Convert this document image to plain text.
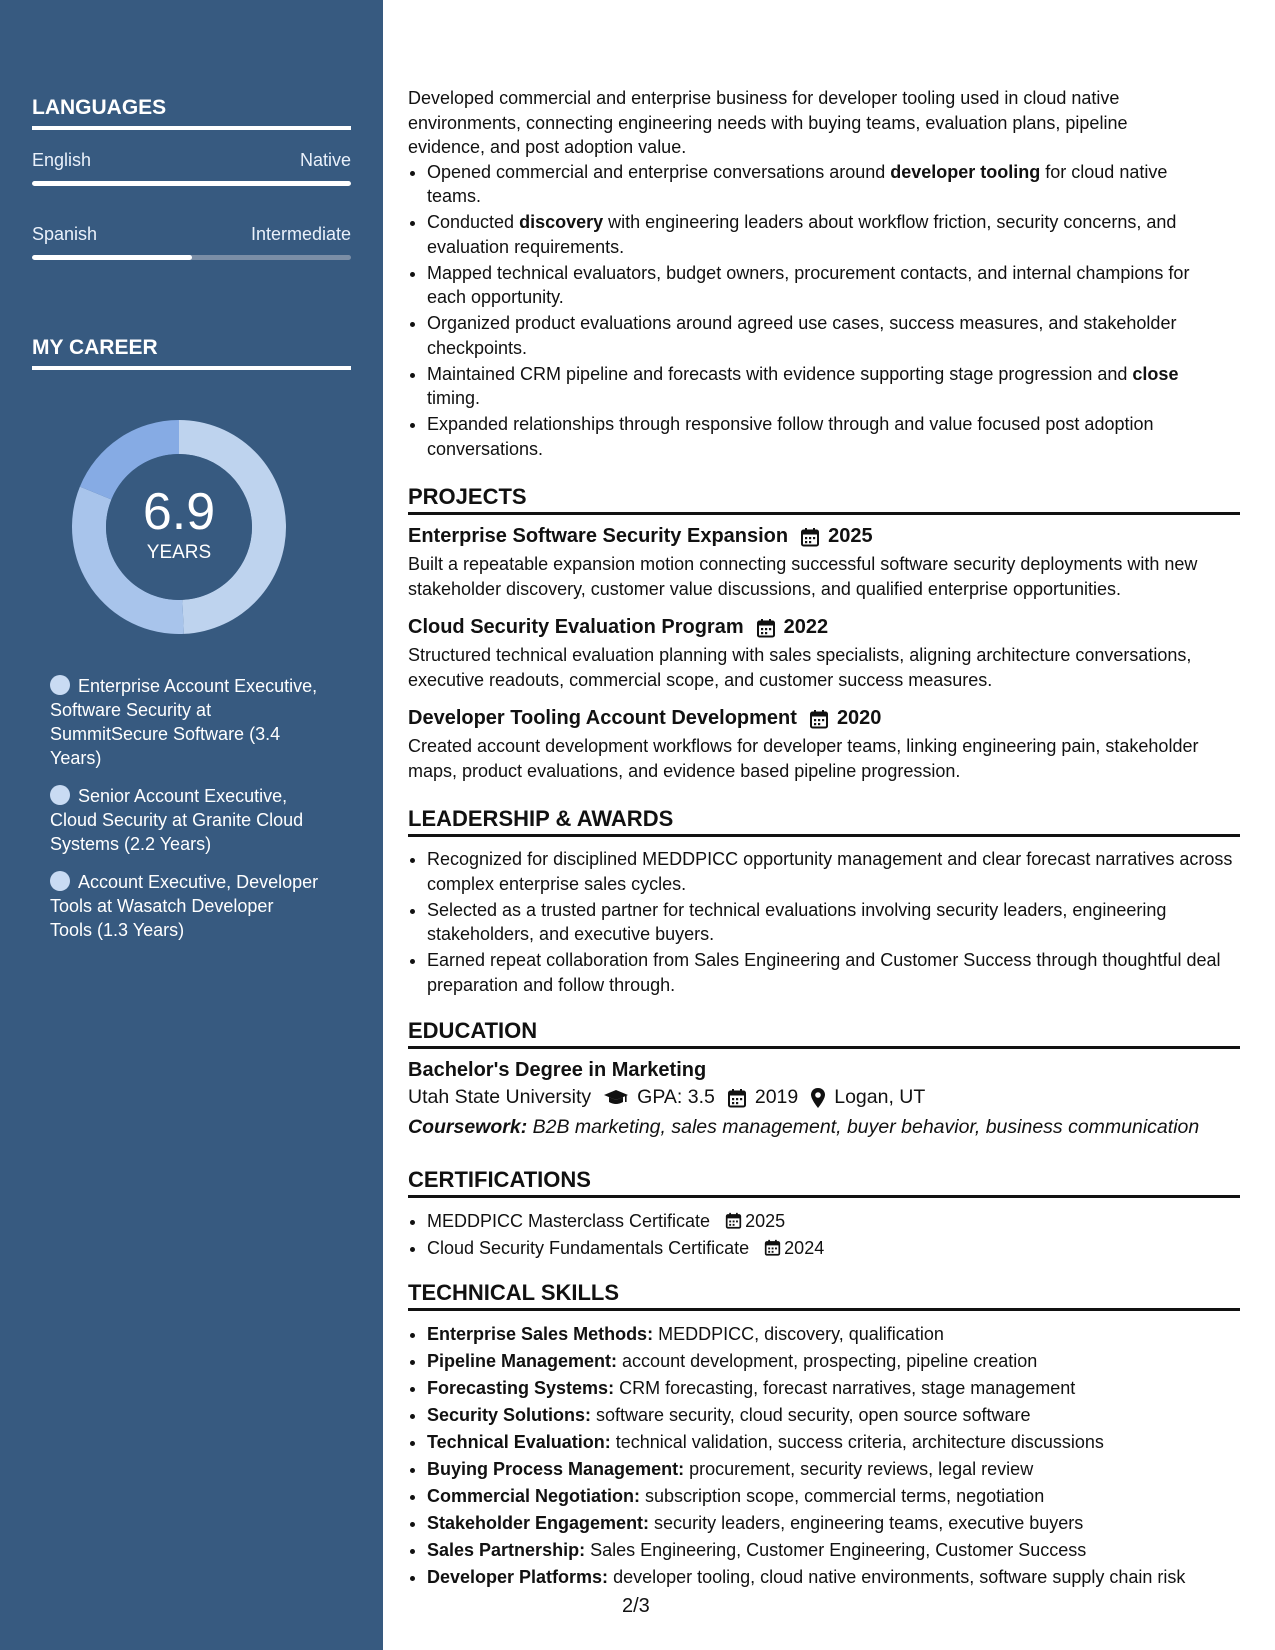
LANGUAGES
English	Native
Spanish	Intermediate
MY CAREER
6.9
YEARS
Enterprise Account Executive, Software Security at SummitSecure Software (3.4 Years)
Senior Account Executive, Cloud Security at Granite Cloud Systems (2.2 Years)
Account Executive, Developer Tools at Wasatch Developer Tools (1.3 Years)

Developed commercial and enterprise business for developer tooling used in cloud native environments, connecting engineering needs with buying teams, evaluation plans, pipeline evidence, and post adoption value.

• Opened commercial and enterprise conversations around developer tooling for cloud native teams.
• Conducted discovery with engineering leaders about workflow friction, security concerns, and evaluation requirements.
• Mapped technical evaluators, budget owners, procurement contacts, and internal champions for each opportunity.
• Organized product evaluations around agreed use cases, success measures, and stakeholder checkpoints.
• Maintained CRM pipeline and forecasts with evidence supporting stage progression and close timing.
• Expanded relationships through responsive follow through and value focused post adoption conversations.
PROJECTS
Enterprise Software Security Expansion 2025

Built a repeatable expansion motion connecting successful software security deployments with new stakeholder discovery, customer value discussions, and qualified enterprise opportunities.

Cloud Security Evaluation Program 2022

Structured technical evaluation planning with sales specialists, aligning architecture conversations, executive readouts, commercial scope, and customer success measures.

Developer Tooling Account Development 2020

Created account development workflows for developer teams, linking engineering pain, stakeholder maps, product evaluations, and evidence based pipeline progression.

LEADERSHIP & AWARDS
• Recognized for disciplined MEDDPICC opportunity management and clear forecast narratives across complex enterprise sales cycles.
• Selected as a trusted partner for technical evaluations involving security leaders, engineering stakeholders, and executive buyers.
• Earned repeat collaboration from Sales Engineering and Customer Success through thoughtful deal preparation and follow through.
EDUCATION
Bachelor's Degree in Marketing
Utah State University GPA: 3.5 2019 Logan, UT
Coursework: B2B marketing, sales management, buyer behavior, business communication
CERTIFICATIONS
• MEDDPICC Masterclass Certificate 2025
• Cloud Security Fundamentals Certificate 2024
TECHNICAL SKILLS
• Enterprise Sales Methods: MEDDPICC, discovery, qualification
• Pipeline Management: account development, prospecting, pipeline creation
• Forecasting Systems: CRM forecasting, forecast narratives, stage management
• Security Solutions: software security, cloud security, open source software
• Technical Evaluation: technical validation, success criteria, architecture discussions
• Buying Process Management: procurement, security reviews, legal review
• Commercial Negotiation: subscription scope, commercial terms, negotiation
• Stakeholder Engagement: security leaders, engineering teams, executive buyers
• Sales Partnership: Sales Engineering, Customer Engineering, Customer Success
• Developer Platforms: developer tooling, cloud native environments, software supply chain risk
2/3
